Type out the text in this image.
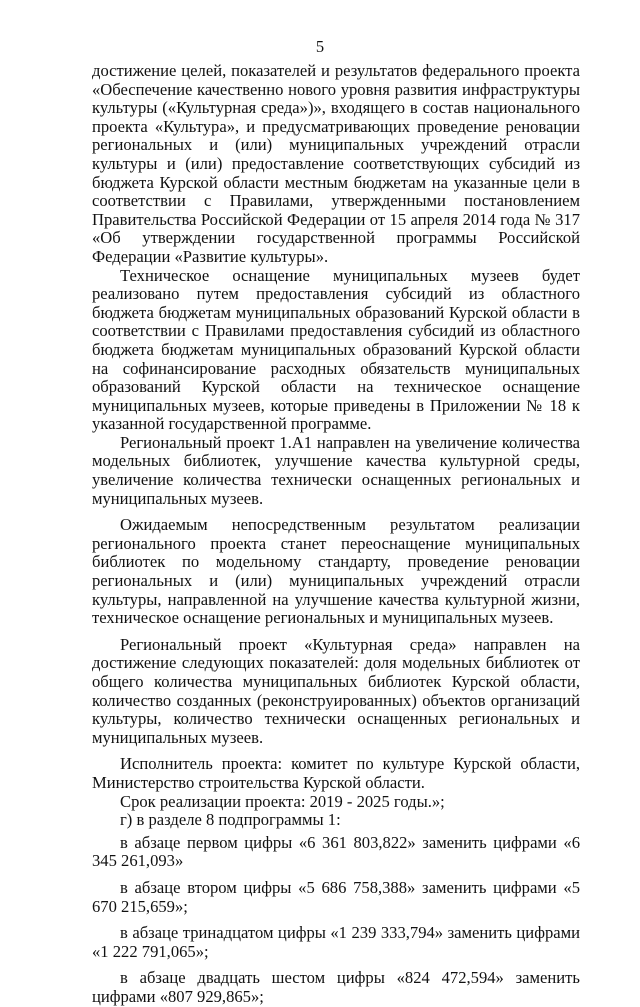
5

достижение целей, показателей и результатов федерального проекта «Обеспечение качественно нового уровня развития инфраструктуры культуры («Культурная среда»)», входящего в состав национального проекта «Культура», и предусматривающих проведение реновации региональных и (или) муниципальных учреждений отрасли культуры и (или) предоставление соответствующих субсидий из бюджета Курской области местным бюджетам на указанные цели в соответствии с Правилами, утвержденными постановлением Правительства Российской Федерации от 15 апреля 2014 года № 317 «Об утверждении государственной программы Российской Федерации «Развитие культуры».

Техническое оснащение муниципальных музеев будет реализовано путем предоставления субсидий из областного бюджета бюджетам муниципальных образований Курской области в соответствии с Правилами предоставления субсидий из областного бюджета бюджетам муниципальных образований Курской области на софинансирование расходных обязательств муниципальных образований Курской области на техническое оснащение муниципальных музеев, которые приведены в Приложении № 18 к указанной государственной программе.

Региональный проект 1.А1 направлен на увеличение количества модельных библиотек, улучшение качества культурной среды, увеличение количества технически оснащенных региональных и муниципальных музеев.

Ожидаемым непосредственным результатом реализации регионального проекта станет переоснащение муниципальных библиотек по модельному стандарту, проведение реновации региональных и (или) муниципальных учреждений отрасли культуры, направленной на улучшение качества культурной жизни, техническое оснащение региональных и муниципальных музеев.

Региональный проект «Культурная среда» направлен на достижение следующих показателей: доля модельных библиотек от общего количества муниципальных библиотек Курской области, количество созданных (реконструированных) объектов организаций культуры, количество технически оснащенных региональных и муниципальных музеев.

Исполнитель проекта: комитет по культуре Курской области, Министерство строительства Курской области.

Срок реализации проекта: 2019 - 2025 годы.»;

г) в разделе 8 подпрограммы 1:

в абзаце первом цифры «6 361 803,822» заменить цифрами «6 345 261,093»

в абзаце втором цифры «5 686 758,388» заменить цифрами «5 670 215,659»;

в абзаце тринадцатом цифры «1 239 333,794» заменить цифрами «1 222 791,065»;

в абзаце двадцать шестом цифры «824 472,594» заменить цифрами «807 929,865»;
